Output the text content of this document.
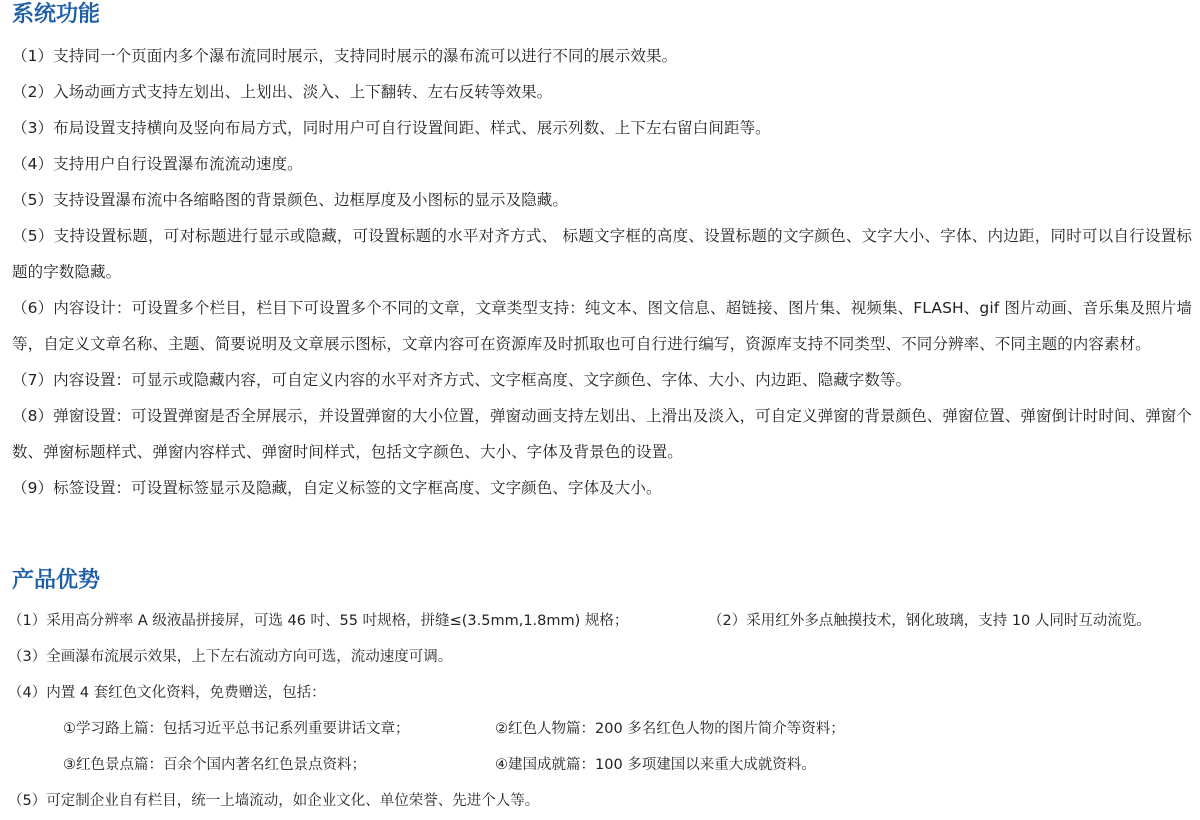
系统功能

（1）支持同一个页面内多个瀑布流同时展示，支持同时展示的瀑布流可以进行不同的展示效果。

（2）入场动画方式支持左划出、上划出、淡入、上下翻转、左右反转等效果。

（3）布局设置支持横向及竖向布局方式，同时用户可自行设置间距、样式、展示列数、上下左右留白间距等。

（4）支持用户自行设置瀑布流流动速度。

（5）支持设置瀑布流中各缩略图的背景颜色、边框厚度及小图标的显示及隐藏。

（5）支持设置标题，可对标题进行显示或隐藏，可设置标题的水平对齐方式、 标题文字框的高度、设置标题的文字颜色、文字大小、字体、内边距，同时可以自行设置标题的字数隐藏。

（6）内容设计：可设置多个栏目，栏目下可设置多个不同的文章，文章类型支持：纯文本、图文信息、超链接、图片集、视频集、FLASH、gif 图片动画、音乐集及照片墙等，自定义文章名称、主题、简要说明及文章展示图标，文章内容可在资源库及时抓取也可自行进行编写，资源库支持不同类型、不同分辨率、不同主题的内容素材。

（7）内容设置：可显示或隐藏内容，可自定义内容的水平对齐方式、文字框高度、文字颜色、字体、大小、内边距、隐藏字数等。

（8）弹窗设置：可设置弹窗是否全屏展示，并设置弹窗的大小位置，弹窗动画支持左划出、上滑出及淡入，可自定义弹窗的背景颜色、弹窗位置、弹窗倒计时时间、弹窗个数、弹窗标题样式、弹窗内容样式、弹窗时间样式，包括文字颜色、大小、字体及背景色的设置。

（9）标签设置：可设置标签显示及隐藏，自定义标签的文字框高度、文字颜色、字体及大小。

产品优势
（1）采用高分辨率 A 级液晶拼接屏，可选 46 吋、55 吋规格，拼缝≤(3.5mm,1.8mm) 规格；	（2）采用红外多点触摸技术，钢化玻璃，支持 10 人同时互动流览。
（3）全画瀑布流展示效果，上下左右流动方向可选，流动速度可调。
（4）内置 4 套红色文化资料，免费赠送，包括：
①学习路上篇：包括习近平总书记系列重要讲话文章；	②红色人物篇：200 多名红色人物的图片简介等资料；
③红色景点篇：百余个国内著名红色景点资料；	④建国成就篇：100 多项建国以来重大成就资料。
（5）可定制企业自有栏目，统一上墙流动，如企业文化、单位荣誉、先进个人等。
